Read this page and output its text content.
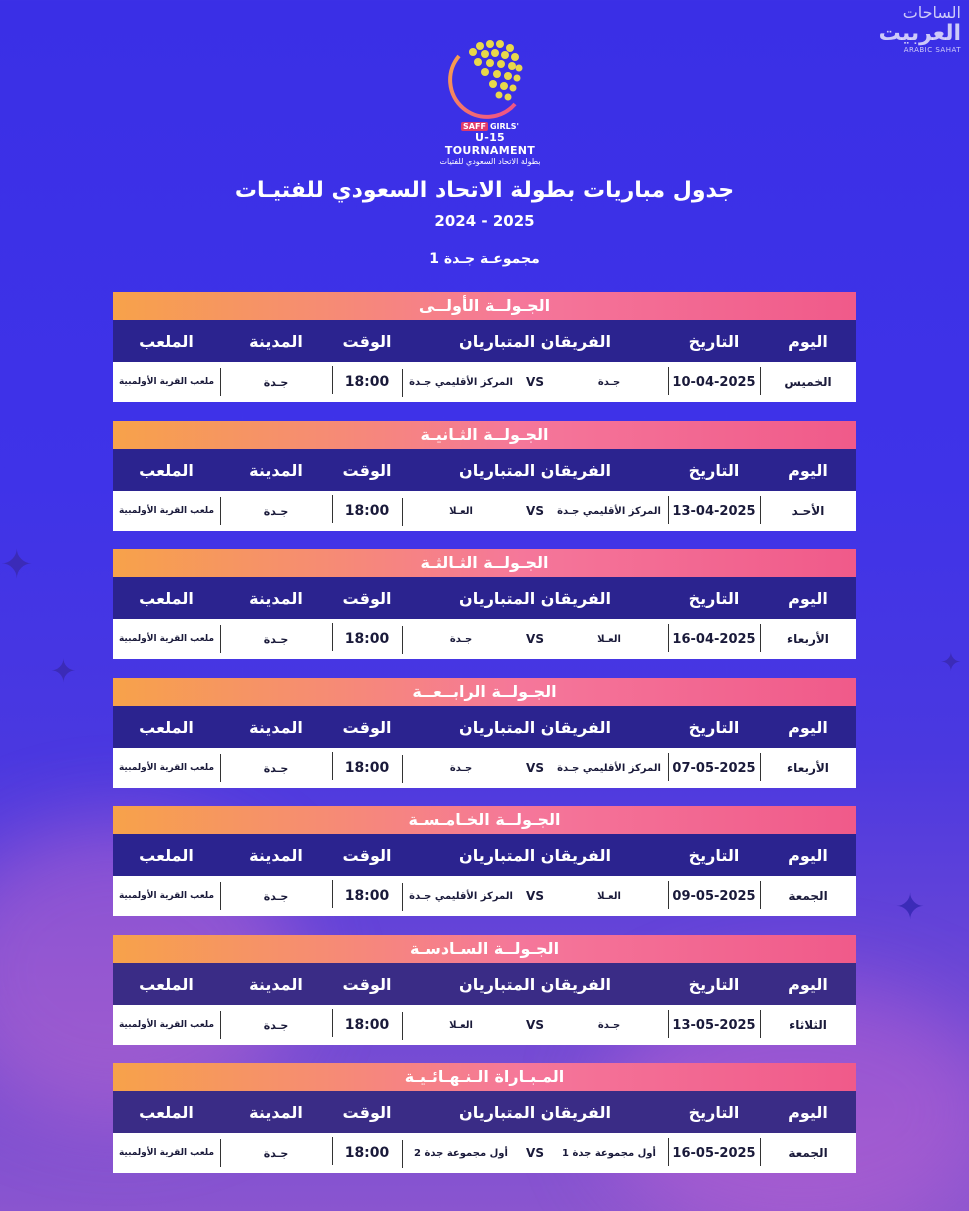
✦
✦
✦
✦
الساحات
العربيت
ARABIC SAHAT
SAFF GIRLS'
U-15 TOURNAMENT
بطولة الاتحاد السعودي للفتيات
جدول مباريات بطولة الاتحاد السعودي للفتيـات
2024 - 2025
مجموعـة جـدة 1
الجـولــة الأولــى
اليوم
التاريخ
الفريقان المتباريان
الوقت
المدينة
الملعب
الخميس
10-04-2025
جـدة
VS
المركز الأقليمي جـدة
18:00
جـدة
ملعب القرية الأولمبية
الجـولــة الثـانيـة
اليوم
التاريخ
الفريقان المتباريان
الوقت
المدينة
الملعب
الأحـد
13-04-2025
المركز الأقليمي جـدة
VS
العـلا
18:00
جـدة
ملعب القرية الأولمبية
الجـولــة الثـالثـة
اليوم
التاريخ
الفريقان المتباريان
الوقت
المدينة
الملعب
الأربعاء
16-04-2025
العـلا
VS
جـدة
18:00
جـدة
ملعب القرية الأولمبية
الجـولــة الرابــعــة
اليوم
التاريخ
الفريقان المتباريان
الوقت
المدينة
الملعب
الأربعاء
07-05-2025
المركز الأقليمي جـدة
VS
جـدة
18:00
جـدة
ملعب القرية الأولمبية
الجـولــة الخـامـسـة
اليوم
التاريخ
الفريقان المتباريان
الوقت
المدينة
الملعب
الجمعة
09-05-2025
العـلا
VS
المركز الأقليمي جـدة
18:00
جـدة
ملعب القرية الأولمبية
الجـولــة السـادسـة
اليوم
التاريخ
الفريقان المتباريان
الوقت
المدينة
الملعب
الثلاثاء
13-05-2025
جـدة
VS
العـلا
18:00
جـدة
ملعب القرية الأولمبية
المـبـاراة الـنـهـائـيـة
اليوم
التاريخ
الفريقان المتباريان
الوقت
المدينة
الملعب
الجمعة
16-05-2025
أول مجموعة جدة 1
VS
أول مجموعة جدة 2
18:00
جـدة
ملعب القرية الأولمبية
